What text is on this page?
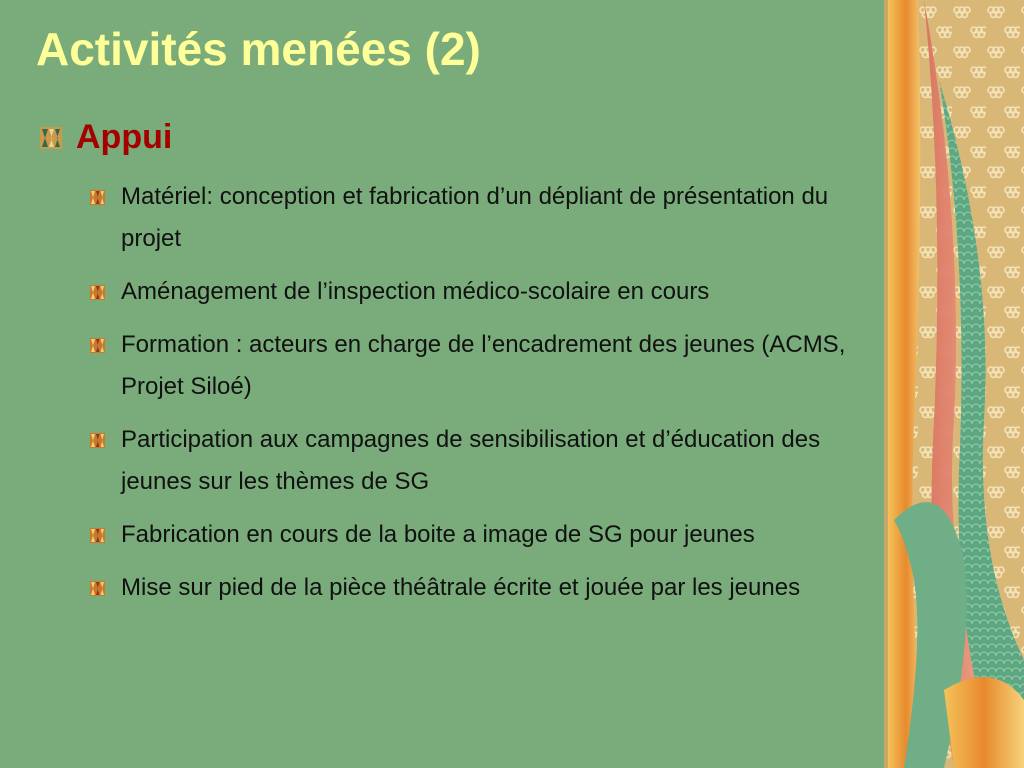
Activités menées (2)
Appui
Matériel: conception et fabrication d’un dépliant de présentation du projet
Aménagement de l’inspection médico-scolaire en cours
Formation : acteurs en charge de l’encadrement des jeunes (ACMS, Projet Siloé)
Participation aux campagnes de sensibilisation et d’éducation des jeunes sur les thèmes de SG
Fabrication en cours de la boite a image de SG pour jeunes
Mise sur pied de la pièce théâtrale écrite et jouée par les jeunes
